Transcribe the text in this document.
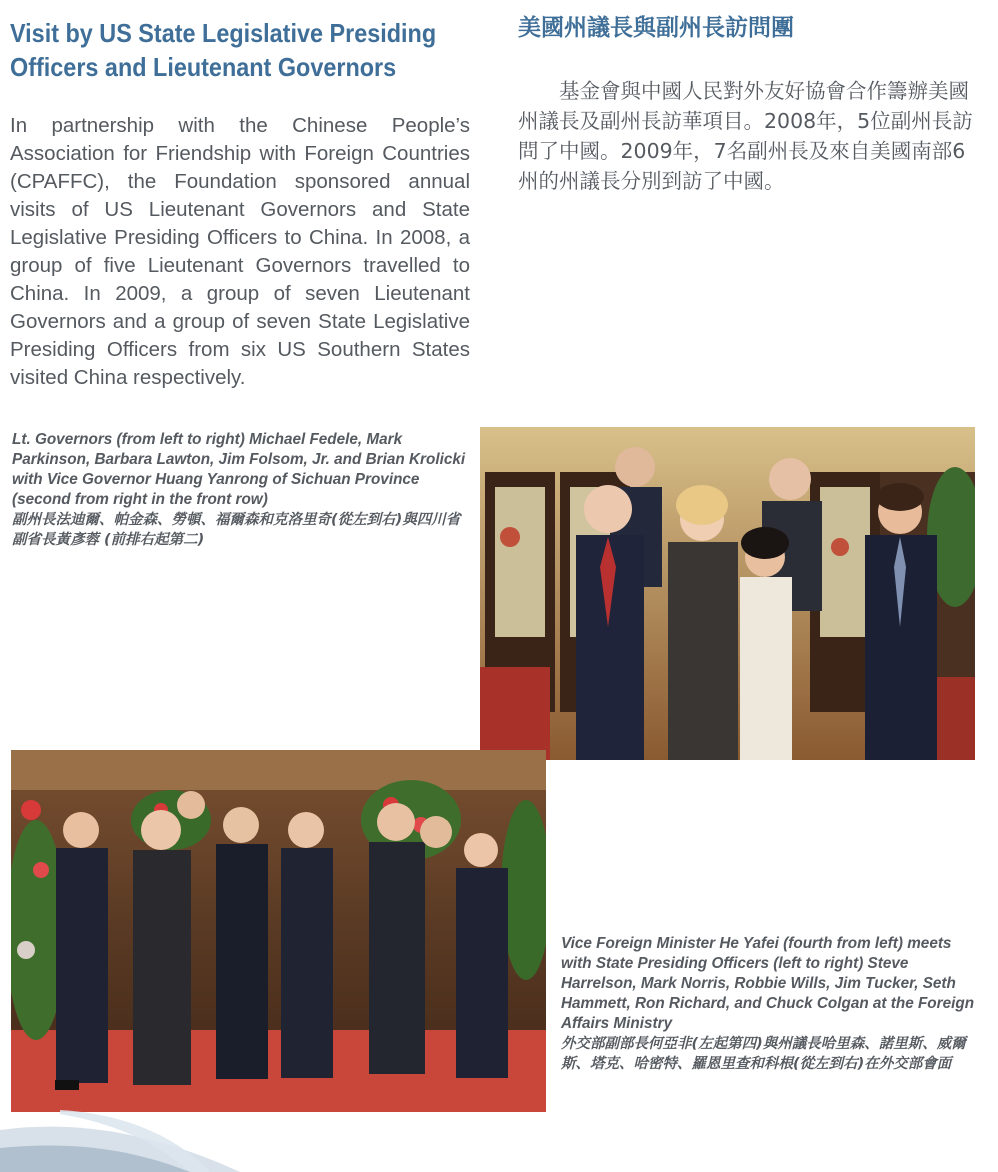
Visit by US State Legislative Presiding
Officers and Lieutenant Governors

In partnership with the Chinese People’s Association for Friendship with Foreign Countries (CPAFFC), the Foundation sponsored annual visits of US Lieutenant Governors and State Legislative Presiding Officers to China. In 2008, a group of five Lieutenant Governors travelled to China. In 2009, a group of seven Lieutenant Governors and a group of seven State Legislative Presiding Officers from six US Southern States visited China respectively.

美國州議長與副州長訪問團

基金會與中國人民對外友好協會合作籌辦美國州議長及副州長訪華項目。2008年，5位副州長訪問了中國。2009年，7名副州長及來自美國南部6州的州議長分別到訪了中國。

Lt. Governors (from left to right) Michael Fedele, Mark Parkinson, Barbara Lawton, Jim Folsom, Jr. and Brian Krolicki with Vice Governor Huang Yanrong of Sichuan Province (second from right in the front row)
副州長法迪爾、帕金森、勞頓、福爾森和克洛里奇(從左到右)與四川省副省長黃彥蓉 (前排右起第二)
Vice Foreign Minister He Yafei (fourth from left) meets with State Presiding Officers (left to right) Steve Harrelson, Mark Norris, Robbie Wills, Jim Tucker, Seth Hammett, Ron Richard, and Chuck Colgan at the Foreign Affairs Ministry
外交部副部長何亞非(左起第四)與州議長哈里森、諾里斯、威爾斯、塔克、哈密特、羅恩里查和科根(從左到右)在外交部會面
